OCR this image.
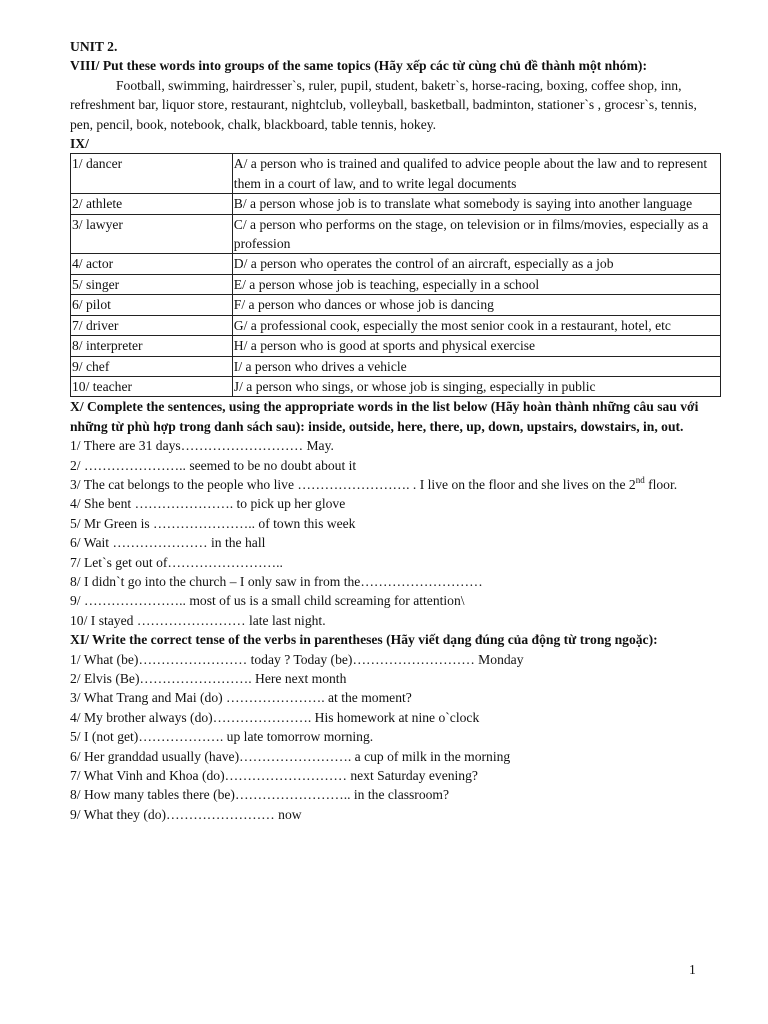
UNIT 2.
VIII/ Put these words into groups of the same topics (Hãy xếp các từ cùng chủ đề thành một nhóm):
Football, swimming, hairdresser`s, ruler, pupil, student, baketr`s, horse-racing, boxing, coffee shop, inn, refreshment bar, liquor store, restaurant, nightclub, volleyball, basketball, badminton, stationer`s , grocesr`s, tennis, pen, pencil, book, notebook, chalk, blackboard, table tennis, hokey.
IX/
1/ dancer	A/ a person who is trained and qualifed to advice people about the law and to represent them in a court of law, and to write legal documents
2/ athlete	B/ a person whose job is to translate what somebody is saying into another language
3/ lawyer	C/ a person who performs on the stage, on television or in films/movies, especially as a profession
4/ actor	D/ a person who operates the control of an aircraft, especially as a job
5/ singer	E/ a person whose job is teaching, especially in a school
6/ pilot	F/ a person who dances or whose job is dancing
7/ driver	G/ a professional cook, especially the most senior cook in a restaurant, hotel, etc
8/ interpreter	H/ a person who is good at sports and physical exercise
9/ chef	I/ a person who drives a vehicle
10/ teacher	J/ a person who sings, or whose job is singing, especially in public
X/ Complete the sentences, using the appropriate words in the list below (Hãy hoàn thành những câu sau với những từ phù hợp trong danh sách sau): inside, outside, here, there, up, down, upstairs, dowstairs, in, out.
1/ There are 31 days……………………… May.
2/ ………………….. seemed to be no doubt about it
3/ The cat belongs to the people who live ……………………. . I live on the floor and she lives on the 2nd floor.
4/ She bent …………………. to pick up her glove
5/ Mr Green is ………………….. of town this week
6/ Wait ………………… in the hall
7/ Let`s get out of……………………..
8/ I didn`t go into the church – I only saw in from the………………………
9/ ………………….. most of us is a small child screaming for attention\
10/ I stayed …………………… late last night.
XI/ Write the correct tense of the verbs in parentheses (Hãy viết dạng đúng của động từ trong ngoặc):
1/ What (be)…………………… today ? Today (be)……………………… Monday
2/ Elvis (Be)……………………. Here next month
3/ What Trang and Mai (do) …………………. at the moment?
4/ My brother always (do)…………………. His homework at nine o`clock
5/ I (not get)………………. up late tomorrow morning.
6/ Her granddad usually (have)……………………. a cup of milk in the morning
7/ What Vinh and Khoa (do)……………………… next Saturday evening?
8/ How many tables there (be)…………………….. in the classroom?
9/ What they (do)…………………… now
1
